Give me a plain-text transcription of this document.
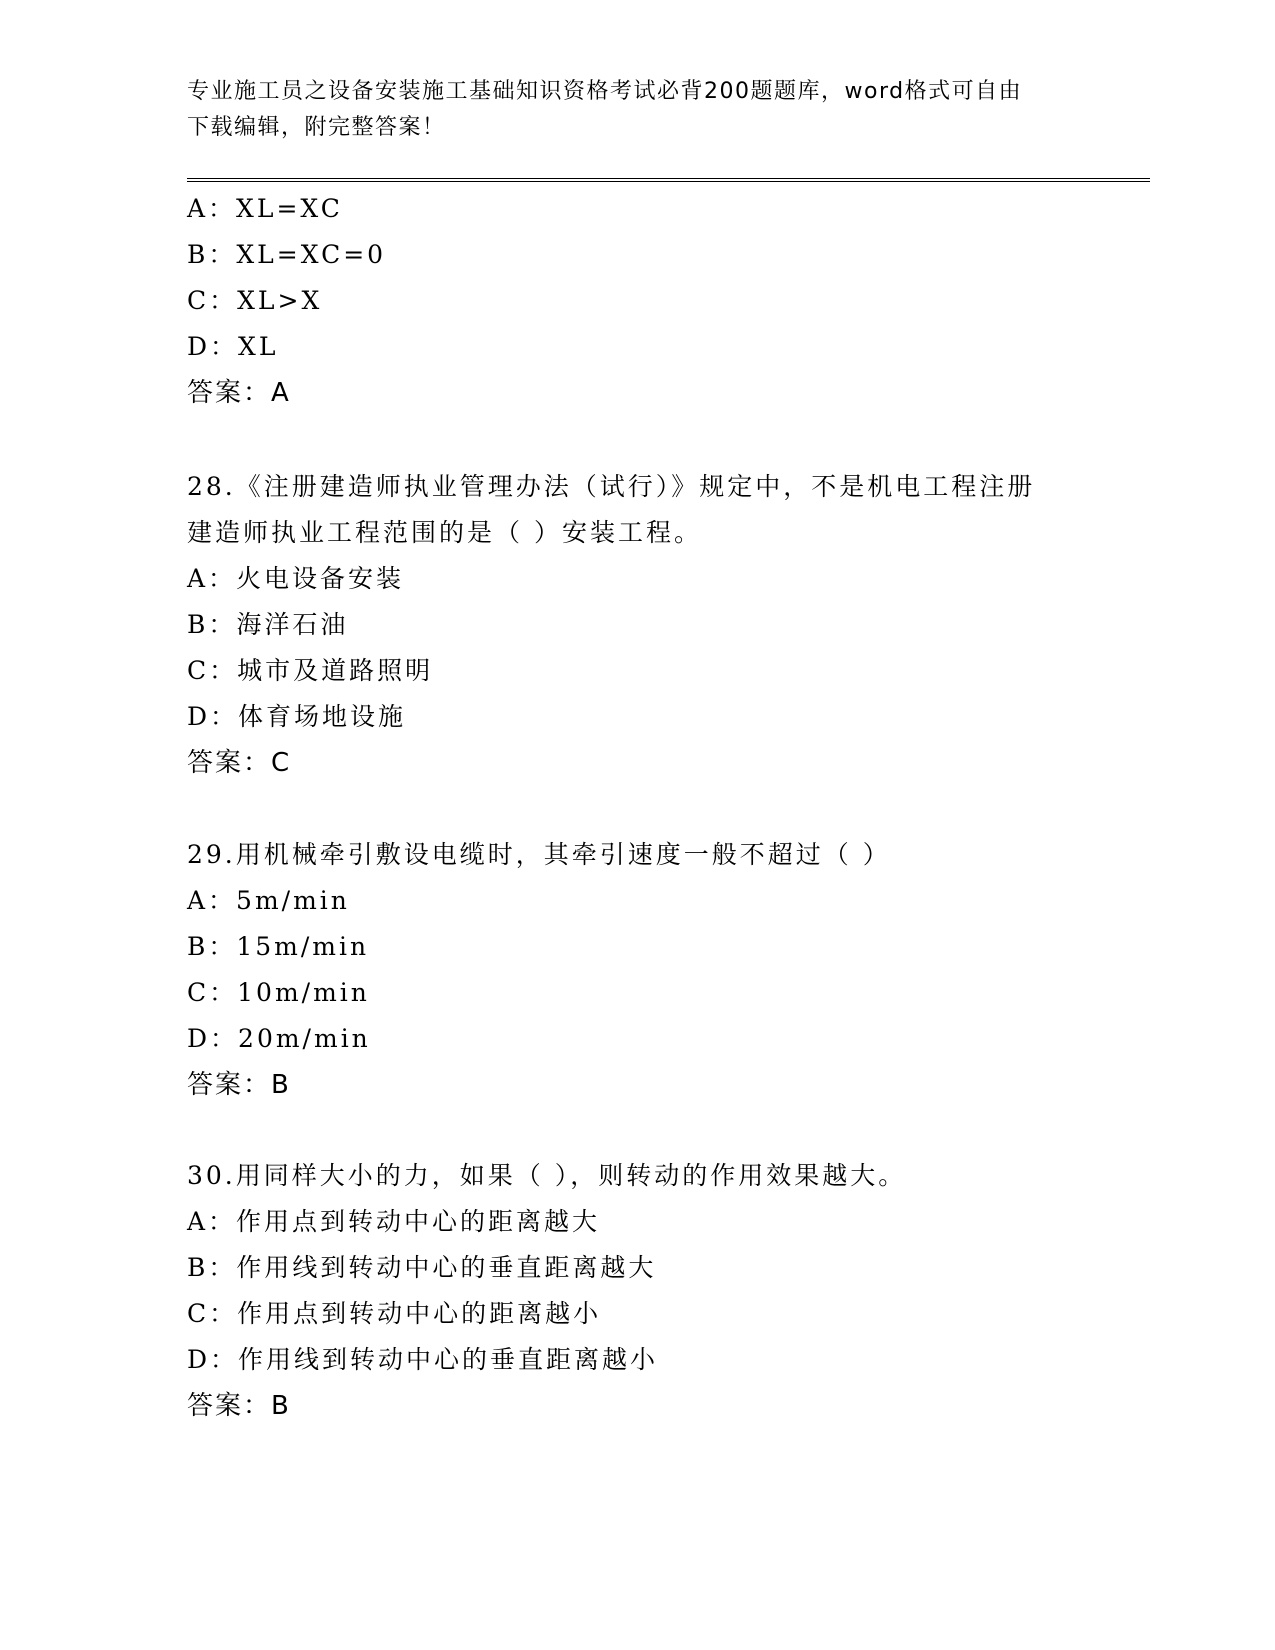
专业施工员之设备安装施工基础知识资格考试必背200题题库，word格式可自由
下载编辑，附完整答案！
A：XL=XC
B：XL=XC=0
C：XL>X
D：XL
答案：A
28.《注册建造师执业管理办法（试行）》规定中，不是机电工程注册
建造师执业工程范围的是（ ）安装工程。
A：火电设备安装
B：海洋石油
C：城市及道路照明
D：体育场地设施
答案：C
29.用机械牵引敷设电缆时，其牵引速度一般不超过（ ）
A：5m/min
B：15m/min
C：10m/min
D：20m/min
答案：B
30.用同样大小的力，如果（ ），则转动的作用效果越大。
A：作用点到转动中心的距离越大
B：作用线到转动中心的垂直距离越大
C：作用点到转动中心的距离越小
D：作用线到转动中心的垂直距离越小
答案：B
